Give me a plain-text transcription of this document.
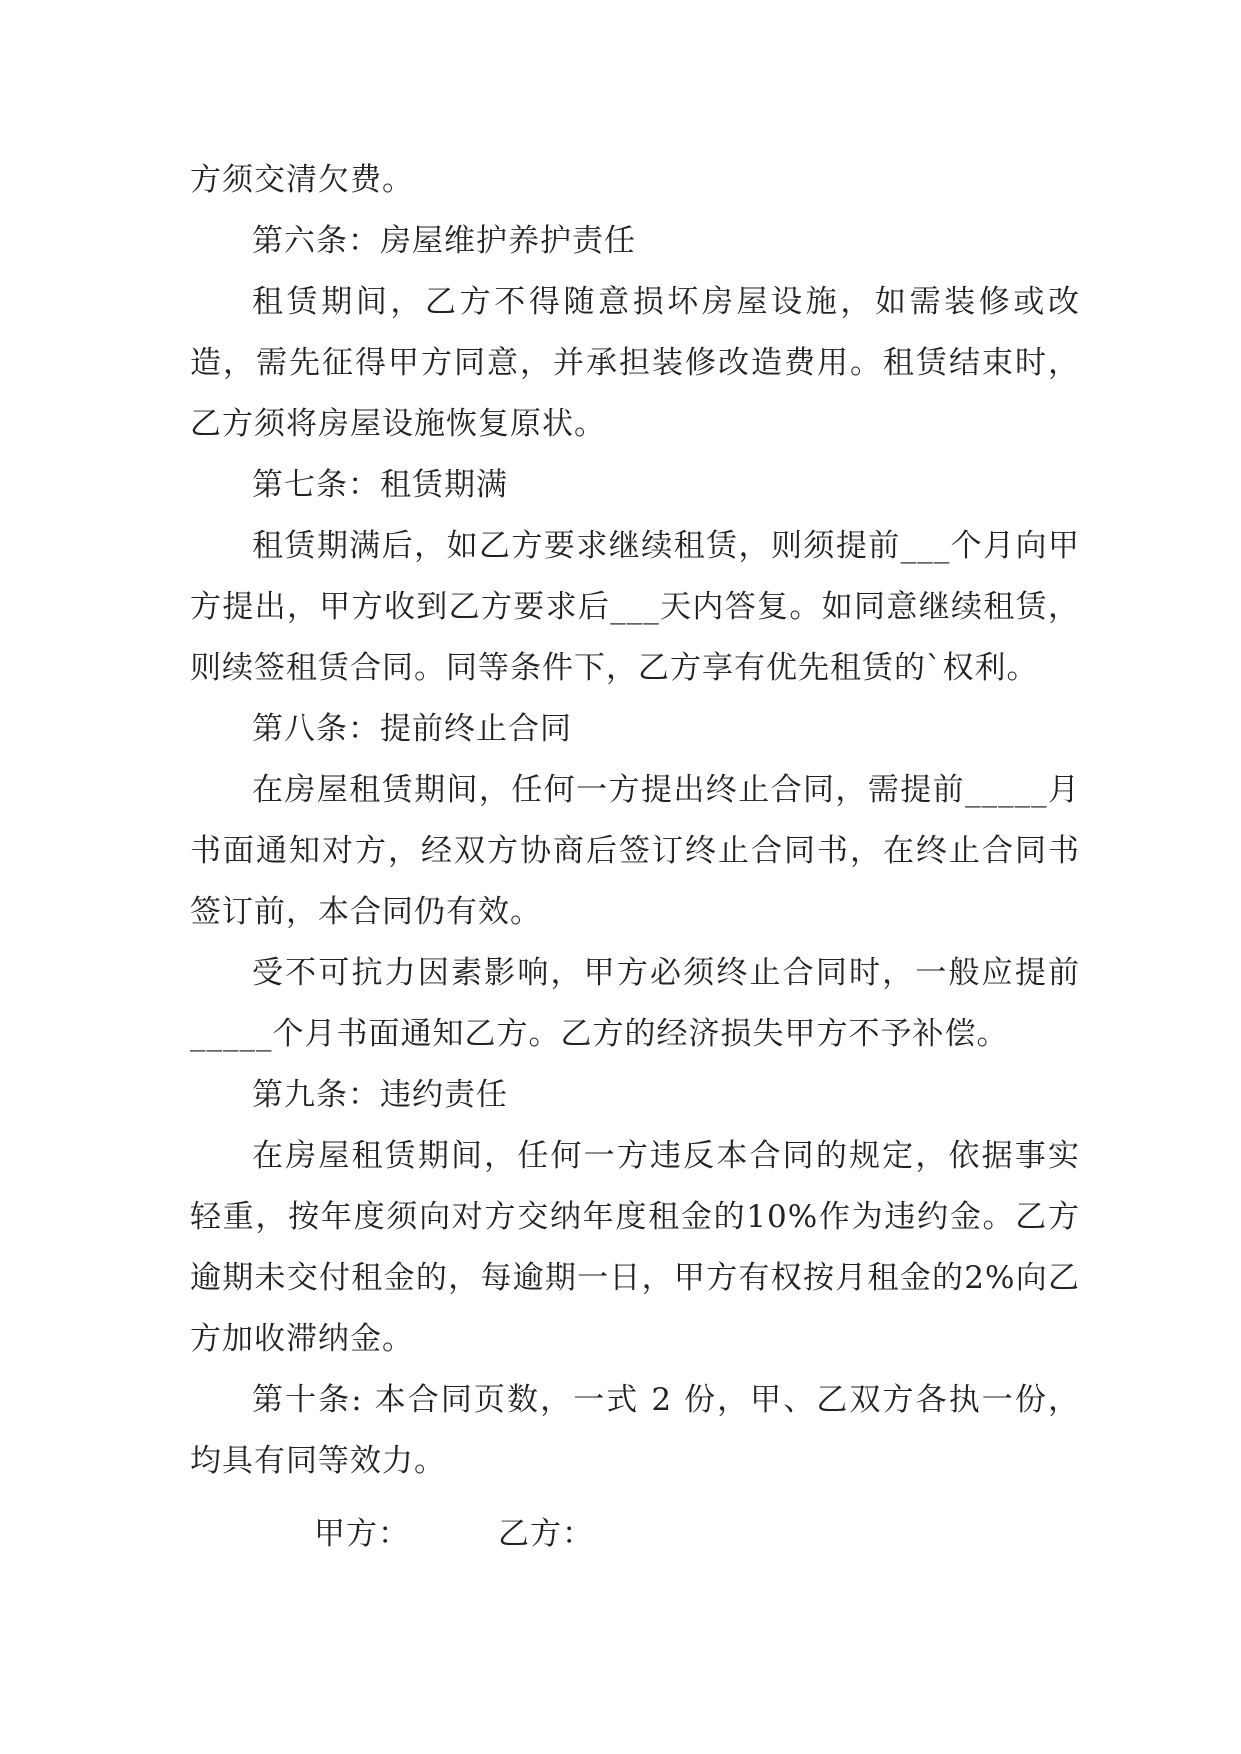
方须交清欠费。

第六条：房屋维护养护责任

租赁期间，乙方不得随意损坏房屋设施，如需装修或改造，需先征得甲方同意，并承担装修改造费用。租赁结束时，乙方须将房屋设施恢复原状。

第七条：租赁期满

租赁期满后，如乙方要求继续租赁，则须提前___个月向甲方提出，甲方收到乙方要求后___天内答复。如同意继续租赁，则续签租赁合同。同等条件下，乙方享有优先租赁的`权利。

第八条：提前终止合同

在房屋租赁期间，任何一方提出终止合同，需提前_____月书面通知对方，经双方协商后签订终止合同书，在终止合同书签订前，本合同仍有效。

受不可抗力因素影响，甲方必须终止合同时，一般应提前_____个月书面通知乙方。乙方的经济损失甲方不予补偿。

第九条：违约责任

在房屋租赁期间，任何一方违反本合同的规定，依据事实轻重，按年度须向对方交纳年度租金的10%作为违约金。乙方逾期未交付租金的，每逾期一日，甲方有权按月租金的2%向乙方加收滞纳金。

第十条: 本合同页数，一式 2 份，甲、乙双方各执一份，均具有同等效力。

甲方：	乙方：
